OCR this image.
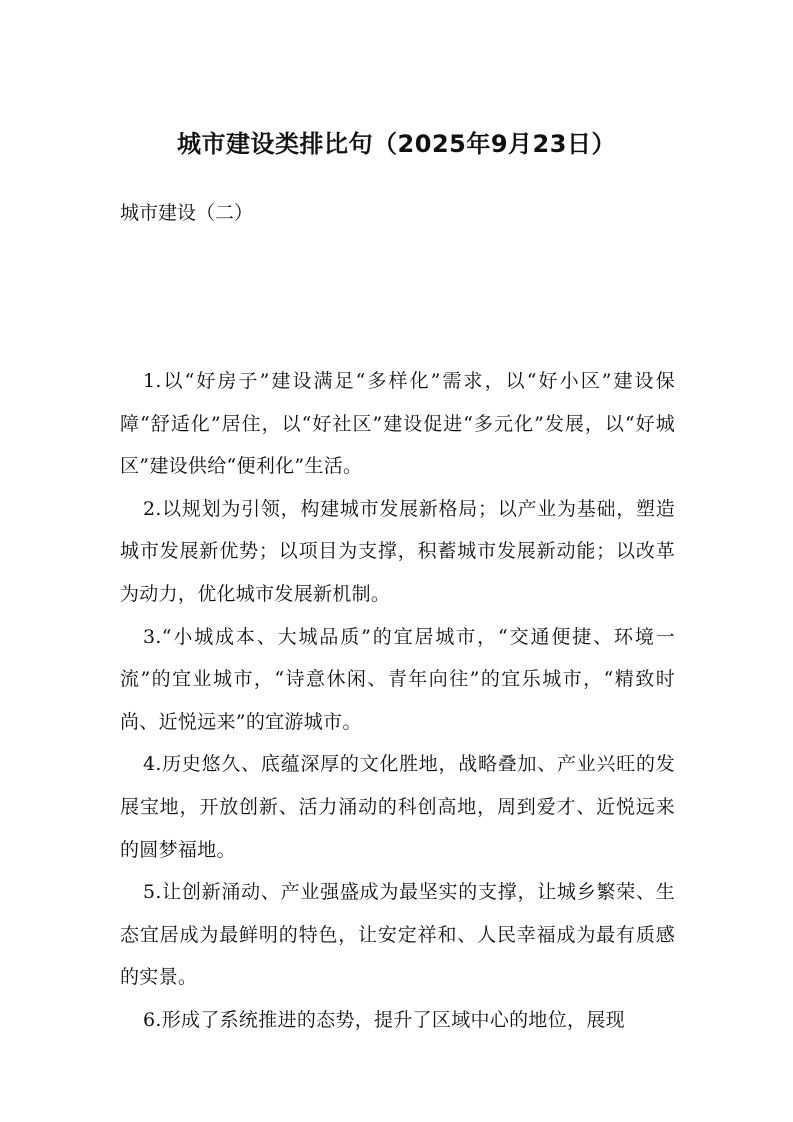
城市建设类排比句（2025年9月23日）
城市建设（二）

1.以“好房子”建设满足“多样化”需求，以“好小区”建设保障“舒适化”居住，以“好社区”建设促进“多元化”发展，以“好城区”建设供给“便利化”生活。

2.以规划为引领，构建城市发展新格局；以产业为基础，塑造城市发展新优势；以项目为支撑，积蓄城市发展新动能；以改革为动力，优化城市发展新机制。

3.“小城成本、大城品质”的宜居城市，“交通便捷、环境一流”的宜业城市，“诗意休闲、青年向往”的宜乐城市，“精致时尚、近悦远来”的宜游城市。

4.历史悠久、底蕴深厚的文化胜地，战略叠加、产业兴旺的发展宝地，开放创新、活力涌动的科创高地，周到爱才、近悦远来的圆梦福地。

5.让创新涌动、产业强盛成为最坚实的支撑，让城乡繁荣、生态宜居成为最鲜明的特色，让安定祥和、人民幸福成为最有质感的实景。

6.形成了系统推进的态势，提升了区域中心的地位，展现
